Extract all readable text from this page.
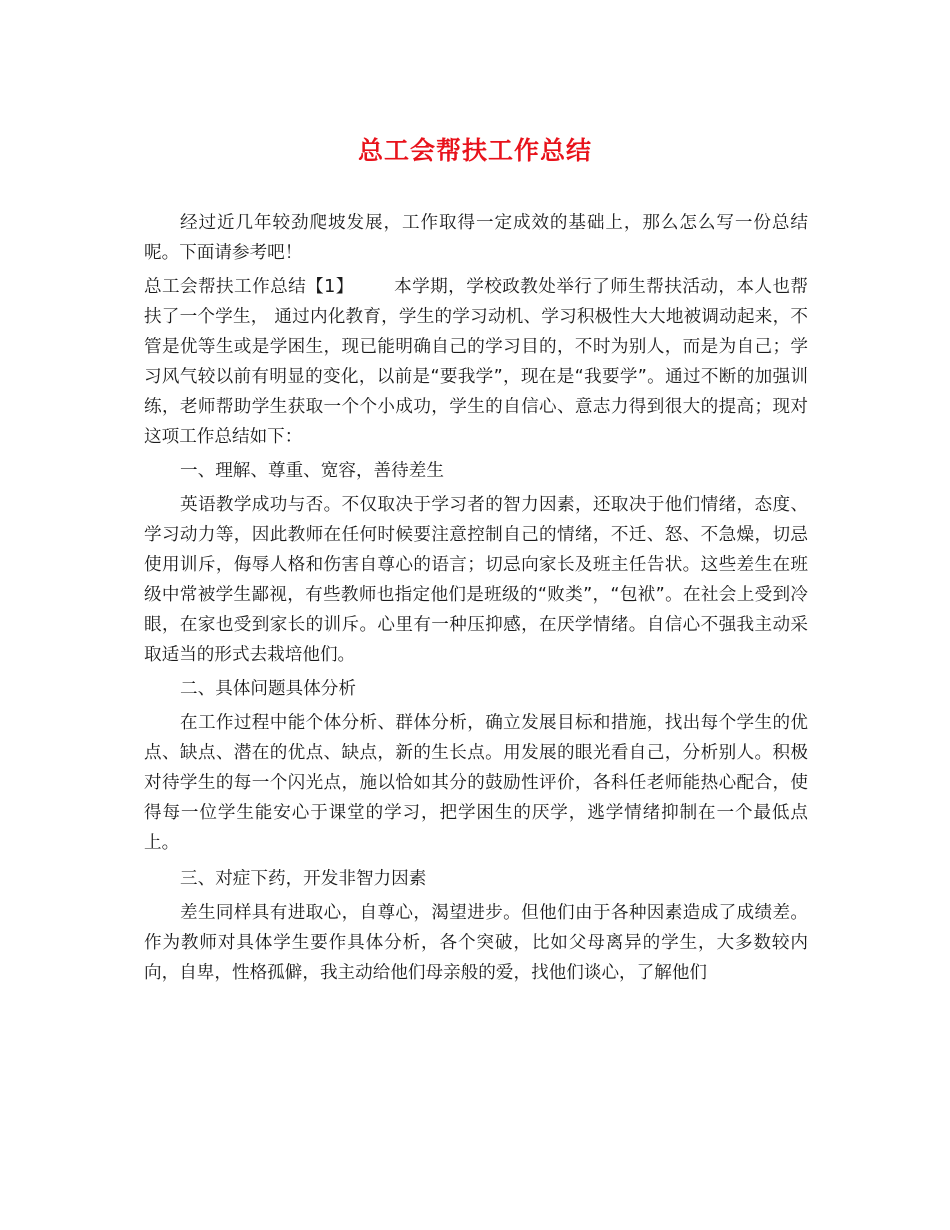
总工会帮扶工作总结

经过近几年较劲爬坡发展，工作取得一定成效的基础上，那么怎么写一份总结呢。下面请参考吧！

总工会帮扶工作总结【1】 本学期，学校政教处举行了师生帮扶活动，本人也帮扶了一个学生， 通过内化教育，学生的学习动机、学习积极性大大地被调动起来，不管是优等生或是学困生，现已能明确自己的学习目的，不时为别人，而是为自己；学习风气较以前有明显的变化，以前是“要我学”，现在是“我要学”。通过不断的加强训练，老师帮助学生获取一个个小成功，学生的自信心、意志力得到很大的提高；现对这项工作总结如下：

一、理解、尊重、宽容，善待差生

英语教学成功与否。不仅取决于学习者的智力因素，还取决于他们情绪，态度、学习动力等，因此教师在任何时候要注意控制自己的情绪，不迁、怒、不急燥，切忌使用训斥，侮辱人格和伤害自尊心的语言；切忌向家长及班主任告状。这些差生在班级中常被学生鄙视，有些教师也指定他们是班级的“败类”，“包袱”。在社会上受到冷眼，在家也受到家长的训斥。心里有一种压抑感，在厌学情绪。自信心不强我主动采取适当的形式去栽培他们。

二、具体问题具体分析

在工作过程中能个体分析、群体分析，确立发展目标和措施，找出每个学生的优点、缺点、潜在的优点、缺点，新的生长点。用发展的眼光看自己，分析别人。积极对待学生的每一个闪光点，施以恰如其分的鼓励性评价，各科任老师能热心配合，使得每一位学生能安心于课堂的学习，把学困生的厌学，逃学情绪抑制在一个最低点上。

三、对症下药，开发非智力因素

差生同样具有进取心，自尊心，渴望进步。但他们由于各种因素造成了成绩差。作为教师对具体学生要作具体分析，各个突破，比如父母离异的学生，大多数较内向，自卑，性格孤僻，我主动给他们母亲般的爱，找他们谈心，了解他们
